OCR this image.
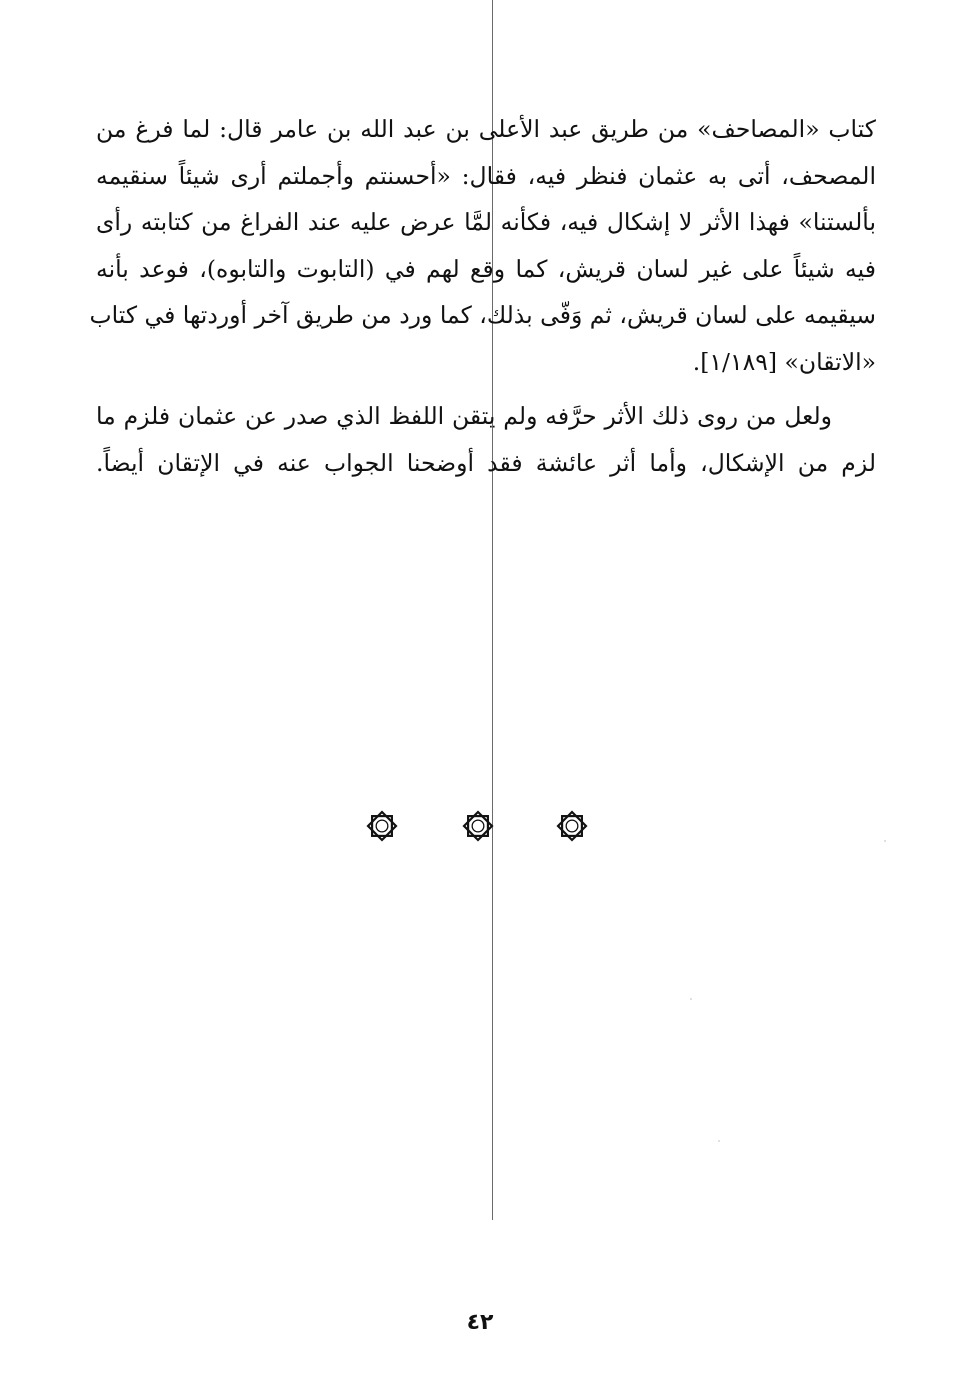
كتاب «المصاحف» من طريق عبد الأعلى بن عبد الله بن عامر قال: لما فرغ من
المصحف، أتى به عثمان فنظر فيه، فقال: «أحسنتم وأجملتم أرى شيئاً سنقيمه
بألستنا» فهذا الأثر لا إشكال فيه، فكأنه لمَّا عرض عليه عند الفراغ من كتابته رأى
فيه شيئاً على غير لسان قريش، كما وقع لهم في (التابوت والتابوه)، فوعد بأنه
سيقيمه على لسان قريش، ثم وَفّى بذلك، كما ورد من طريق آخر أوردتها في كتاب
«الاتقان» [١/١٨٩].
ولعل من روى ذلك الأثر حرَّفه ولم يتقن اللفظ الذي صدر عن عثمان فلزم ما
لزم من الإشكال، وأما أثر عائشة فقد أوضحنا الجواب عنه في الإتقان أيضاً.
٤٢
